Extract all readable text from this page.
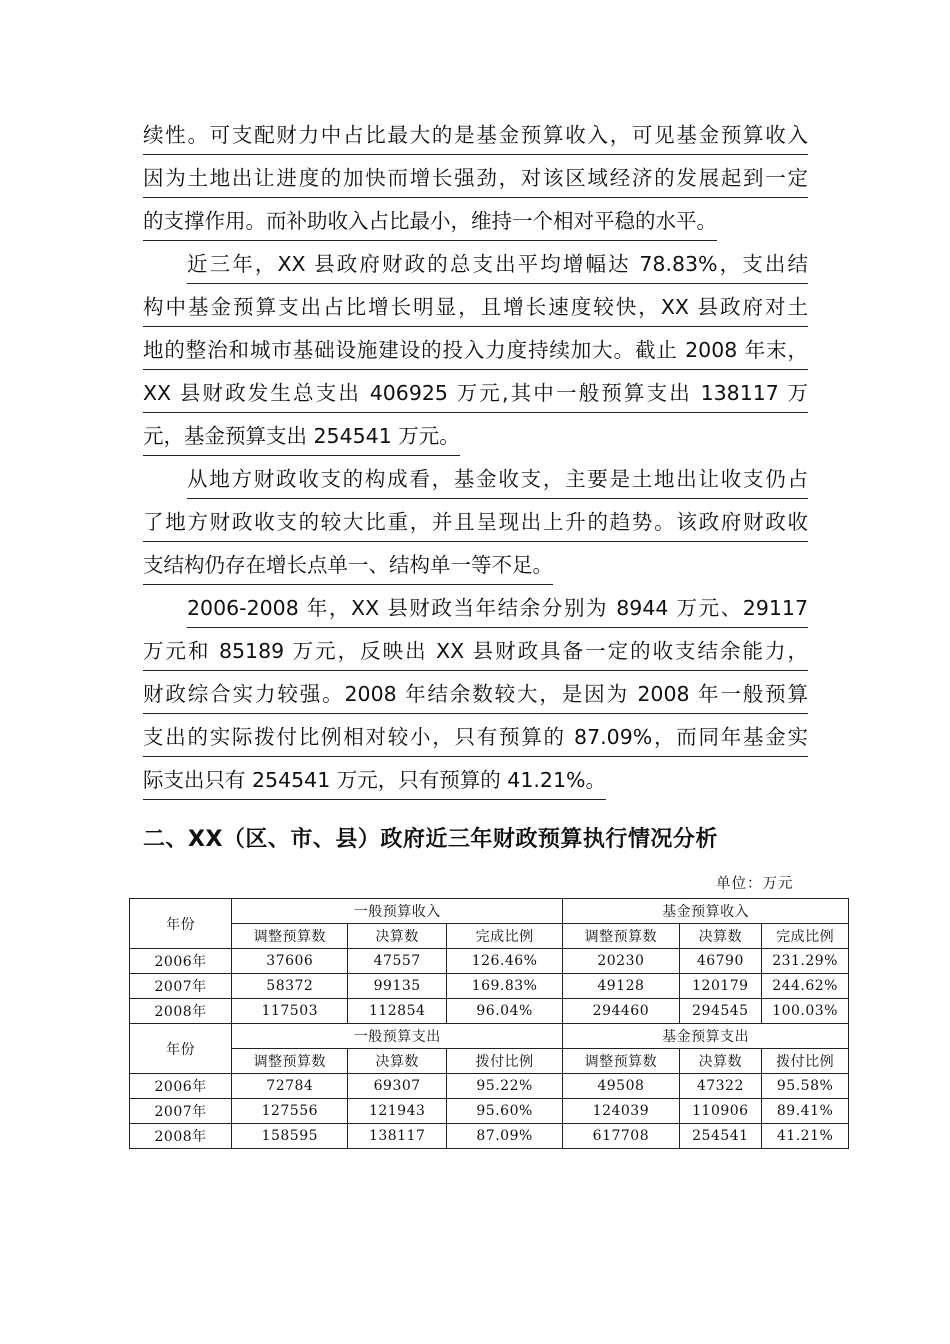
续性。可支配财力中占比最大的是基金预算收入，可见基金预算收入
因为土地出让进度的加快而增长强劲，对该区域经济的发展起到一定
的支撑作用。而补助收入占比最小，维持一个相对平稳的水平。
近三年，XX 县政府财政的总支出平均增幅达 78.83%，支出结
构中基金预算支出占比增长明显，且增长速度较快，XX 县政府对土
地的整治和城市基础设施建设的投入力度持续加大。截止 2008 年末，
XX 县财政发生总支出 406925 万元,其中一般预算支出 138117 万
元，基金预算支出 254541 万元。
从地方财政收支的构成看，基金收支，主要是土地出让收支仍占
了地方财政收支的较大比重，并且呈现出上升的趋势。该政府财政收
支结构仍存在增长点单一、结构单一等不足。
2006-2008 年，XX 县财政当年结余分别为 8944 万元、29117
万元和 85189 万元，反映出 XX 县财政具备一定的收支结余能力，
财政综合实力较强。2008 年结余数较大，是因为 2008 年一般预算
支出的实际拨付比例相对较小，只有预算的 87.09%，而同年基金实
际支出只有 254541 万元，只有预算的 41.21%。
二、XX（区、市、县）政府近三年财政预算执行情况分析
单位：万元
年份	一般预算收入			基金预算收入		
	调整预算数	决算数	完成比例	调整预算数	决算数	完成比例
2006年	37606	47557	126.46%	20230	46790	231.29%
2007年	58372	99135	169.83%	49128	120179	244.62%
2008年	117503	112854	96.04%	294460	294545	100.03%
年份	一般预算支出			基金预算支出		
	调整预算数	决算数	拨付比例	调整预算数	决算数	拨付比例
2006年	72784	69307	95.22%	49508	47322	95.58%
2007年	127556	121943	95.60%	124039	110906	89.41%
2008年	158595	138117	87.09%	617708	254541	41.21%
